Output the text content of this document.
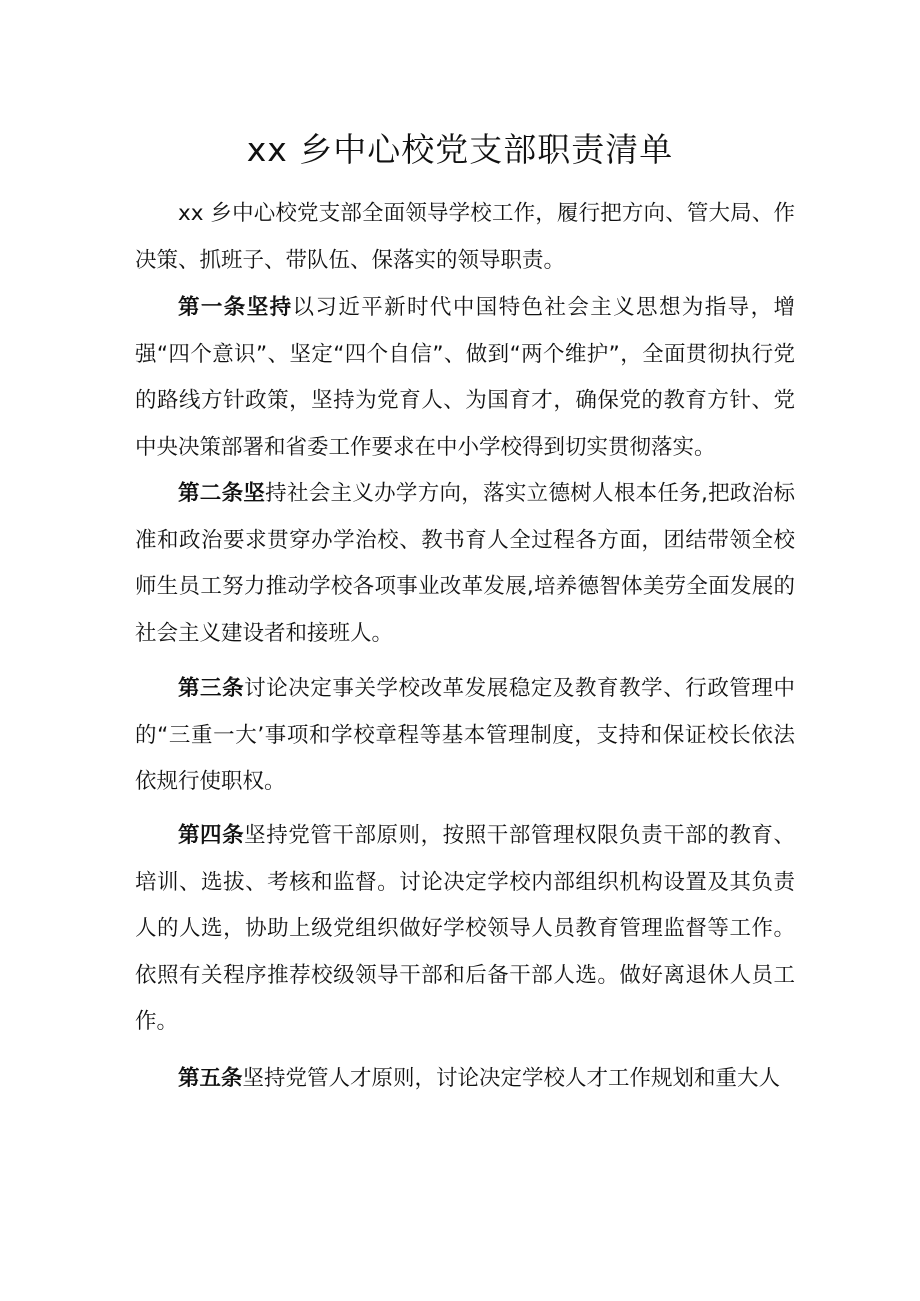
xx 乡中心校党支部职责清单

xx 乡中心校党支部全面领导学校工作，履行把方向、管大局、作决策、抓班子、带队伍、保落实的领导职责。

第一条坚持以习近平新时代中国特色社会主义思想为指导，增强“四个意识”、坚定“四个自信”、做到“两个维护”，全面贯彻执行党的路线方针政策，坚持为党育人、为国育才，确保党的教育方针、党中央决策部署和省委工作要求在中小学校得到切实贯彻落实。

第二条坚持社会主义办学方向，落实立德树人根本任务,把政治标准和政治要求贯穿办学治校、教书育人全过程各方面，团结带领全校师生员工努力推动学校各项事业改革发展,培养德智体美劳全面发展的社会主义建设者和接班人。

第三条讨论决定事关学校改革发展稳定及教育教学、行政管理中的“三重一大’事项和学校章程等基本管理制度，支持和保证校长依法依规行使职权。

第四条坚持党管干部原则，按照干部管理权限负责干部的教育、培训、选拔、考核和监督。讨论决定学校内部组织机构设置及其负责人的人选，协助上级党组织做好学校领导人员教育管理监督等工作。依照有关程序推荐校级领导干部和后备干部人选。做好离退休人员工作。

第五条坚持党管人才原则，讨论决定学校人才工作规划和重大人
